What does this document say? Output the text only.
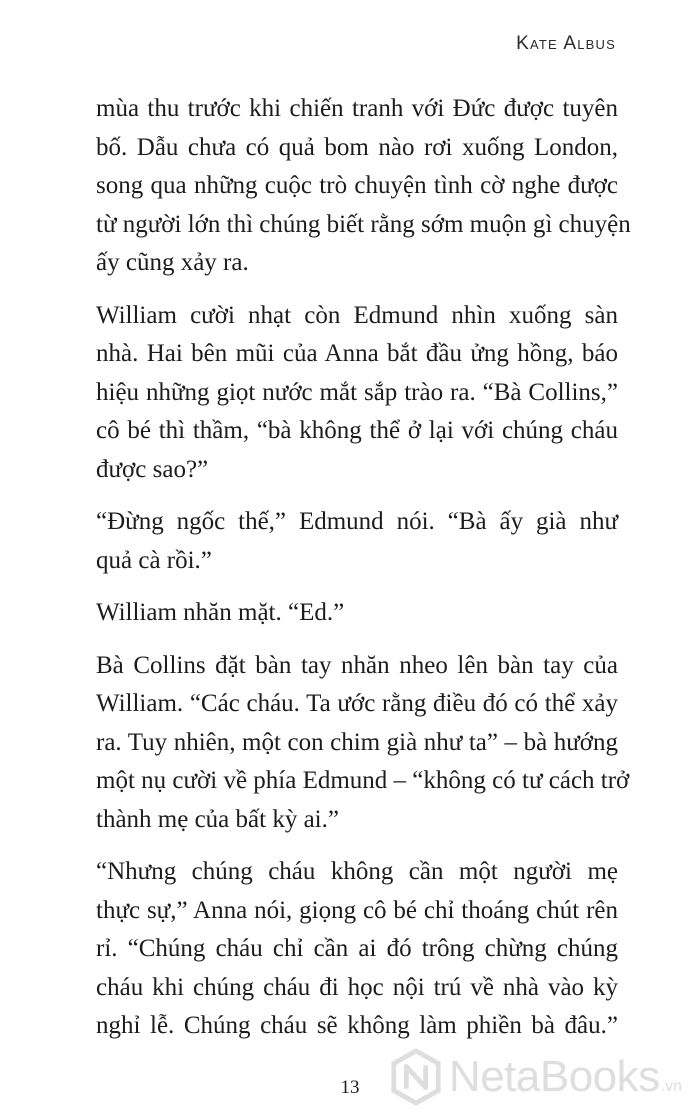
Kate Albus

mùa thu trước khi chiến tranh với Đức được tuyên
bố. Dẫu chưa có quả bom nào rơi xuống London,
song qua những cuộc trò chuyện tình cờ nghe được
từ người lớn thì chúng biết rằng sớm muộn gì chuyện
ấy cũng xảy ra.

William cười nhạt còn Edmund nhìn xuống sàn
nhà. Hai bên mũi của Anna bắt đầu ửng hồng, báo
hiệu những giọt nước mắt sắp trào ra. “Bà Collins,”
cô bé thì thầm, “bà không thể ở lại với chúng cháu
được sao?”

“Đừng ngốc thế,” Edmund nói. “Bà ấy già như
quả cà rồi.”

William nhăn mặt. “Ed.”

Bà Collins đặt bàn tay nhăn nheo lên bàn tay của
William. “Các cháu. Ta ước rằng điều đó có thể xảy
ra. Tuy nhiên, một con chim già như ta” – bà hướng
một nụ cười về phía Edmund – “không có tư cách trở
thành mẹ của bất kỳ ai.”

“Nhưng chúng cháu không cần một người mẹ
thực sự,” Anna nói, giọng cô bé chỉ thoáng chút rên
rỉ. “Chúng cháu chỉ cần ai đó trông chừng chúng
cháu khi chúng cháu đi học nội trú về nhà vào kỳ
nghỉ lễ. Chúng cháu sẽ không làm phiền bà đâu.”

13	NetaBooks .vn
